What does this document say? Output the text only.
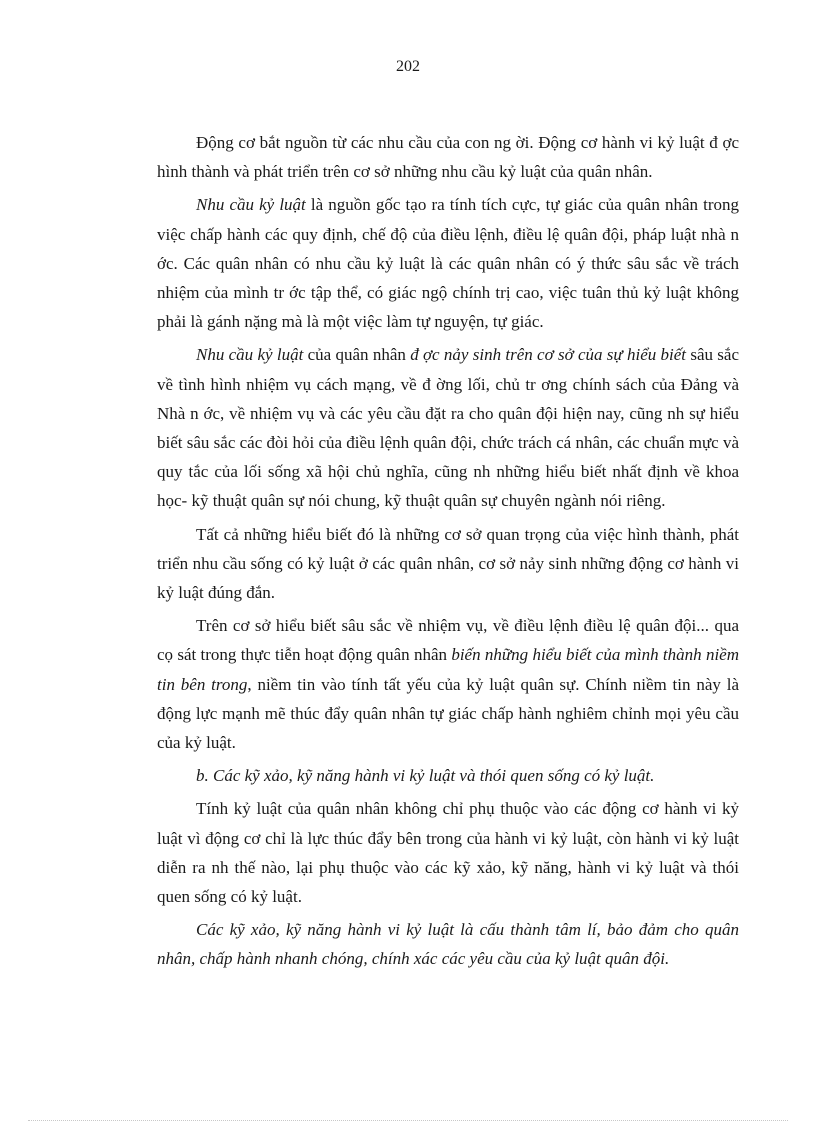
202

Động cơ bắt nguồn từ các nhu cầu của con ng ời. Động cơ hành vi kỷ luật đ ợc hình thành và phát triển trên cơ sở những nhu cầu kỷ luật của quân nhân.

Nhu cầu kỷ luật là nguồn gốc tạo ra tính tích cực, tự giác của quân nhân trong việc chấp hành các quy định, chế độ của điều lệnh, điều lệ quân đội, pháp luật nhà n ớc. Các quân nhân có nhu cầu kỷ luật là các quân nhân có ý thức sâu sắc về trách nhiệm của mình tr ớc tập thể, có giác ngộ chính trị cao, việc tuân thủ kỷ luật không phải là gánh nặng mà là một việc làm tự nguyện, tự giác.

Nhu cầu kỷ luật của quân nhân đ ợc nảy sinh trên cơ sở của sự hiểu biết sâu sắc về tình hình nhiệm vụ cách mạng, về đ ờng lối, chủ tr ơng chính sách của Đảng và Nhà n ớc, về nhiệm vụ và các yêu cầu đặt ra cho quân đội hiện nay, cũng nh sự hiểu biết sâu sắc các đòi hỏi của điều lệnh quân đội, chức trách cá nhân, các chuẩn mực và quy tắc của lối sống xã hội chủ nghĩa, cũng nh những hiểu biết nhất định về khoa học- kỹ thuật quân sự nói chung, kỹ thuật quân sự chuyên ngành nói riêng.

Tất cả những hiểu biết đó là những cơ sở quan trọng của việc hình thành, phát triển nhu cầu sống có kỷ luật ở các quân nhân, cơ sở nảy sinh những động cơ hành vi kỷ luật đúng đắn.

Trên cơ sở hiểu biết sâu sắc về nhiệm vụ, về điều lệnh điều lệ quân đội... qua cọ sát trong thực tiễn hoạt động quân nhân biến những hiểu biết của mình thành niềm tin bên trong, niềm tin vào tính tất yếu của kỷ luật quân sự. Chính niềm tin này là động lực mạnh mẽ thúc đẩy quân nhân tự giác chấp hành nghiêm chỉnh mọi yêu cầu của kỷ luật.

b. Các kỹ xảo, kỹ năng hành vi kỷ luật và thói quen sống có kỷ luật.

Tính kỷ luật của quân nhân không chỉ phụ thuộc vào các động cơ hành vi kỷ luật vì động cơ chỉ là lực thúc đẩy bên trong của hành vi kỷ luật, còn hành vi kỷ luật diễn ra nh thế nào, lại phụ thuộc vào các kỹ xảo, kỹ năng, hành vi kỷ luật và thói quen sống có kỷ luật.

Các kỹ xảo, kỹ năng hành vi kỷ luật là cấu thành tâm lí, bảo đảm cho quân nhân, chấp hành nhanh chóng, chính xác các yêu cầu của kỷ luật quân đội.
